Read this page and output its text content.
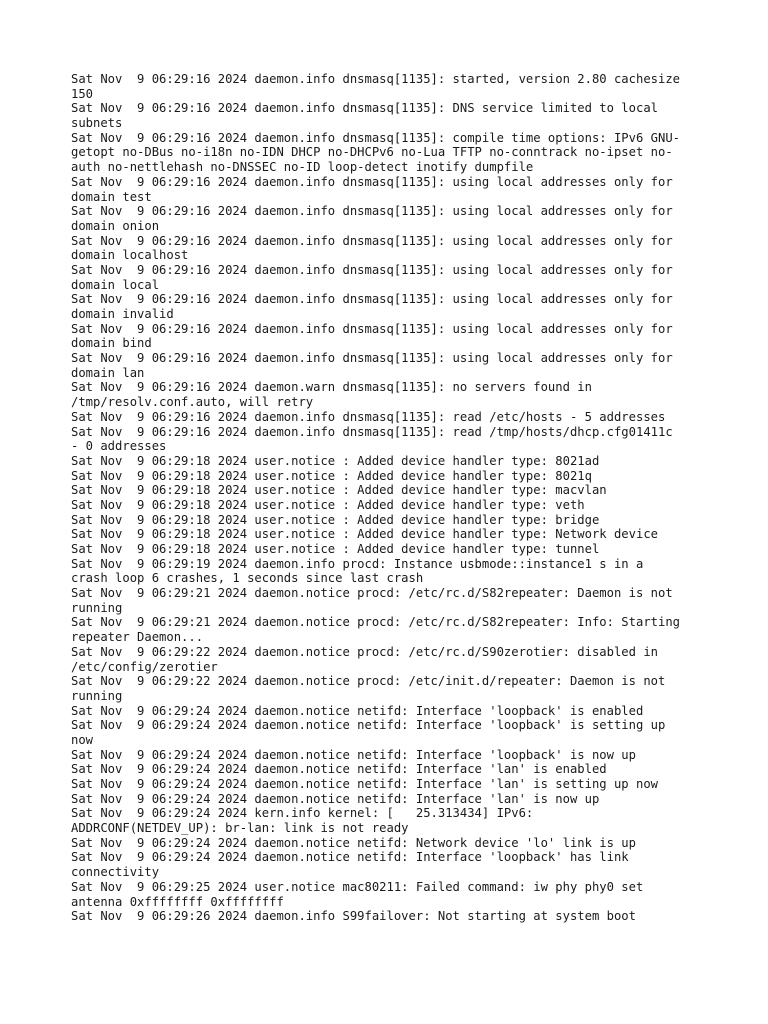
Sat Nov  9 06:29:16 2024 daemon.info dnsmasq[1135]: started, version 2.80 cachesize
150
Sat Nov  9 06:29:16 2024 daemon.info dnsmasq[1135]: DNS service limited to local
subnets
Sat Nov  9 06:29:16 2024 daemon.info dnsmasq[1135]: compile time options: IPv6 GNU-
getopt no-DBus no-i18n no-IDN DHCP no-DHCPv6 no-Lua TFTP no-conntrack no-ipset no-
auth no-nettlehash no-DNSSEC no-ID loop-detect inotify dumpfile
Sat Nov  9 06:29:16 2024 daemon.info dnsmasq[1135]: using local addresses only for
domain test
Sat Nov  9 06:29:16 2024 daemon.info dnsmasq[1135]: using local addresses only for
domain onion
Sat Nov  9 06:29:16 2024 daemon.info dnsmasq[1135]: using local addresses only for
domain localhost
Sat Nov  9 06:29:16 2024 daemon.info dnsmasq[1135]: using local addresses only for
domain local
Sat Nov  9 06:29:16 2024 daemon.info dnsmasq[1135]: using local addresses only for
domain invalid
Sat Nov  9 06:29:16 2024 daemon.info dnsmasq[1135]: using local addresses only for
domain bind
Sat Nov  9 06:29:16 2024 daemon.info dnsmasq[1135]: using local addresses only for
domain lan
Sat Nov  9 06:29:16 2024 daemon.warn dnsmasq[1135]: no servers found in
/tmp/resolv.conf.auto, will retry
Sat Nov  9 06:29:16 2024 daemon.info dnsmasq[1135]: read /etc/hosts - 5 addresses
Sat Nov  9 06:29:16 2024 daemon.info dnsmasq[1135]: read /tmp/hosts/dhcp.cfg01411c
- 0 addresses
Sat Nov  9 06:29:18 2024 user.notice : Added device handler type: 8021ad
Sat Nov  9 06:29:18 2024 user.notice : Added device handler type: 8021q
Sat Nov  9 06:29:18 2024 user.notice : Added device handler type: macvlan
Sat Nov  9 06:29:18 2024 user.notice : Added device handler type: veth
Sat Nov  9 06:29:18 2024 user.notice : Added device handler type: bridge
Sat Nov  9 06:29:18 2024 user.notice : Added device handler type: Network device
Sat Nov  9 06:29:18 2024 user.notice : Added device handler type: tunnel
Sat Nov  9 06:29:19 2024 daemon.info procd: Instance usbmode::instance1 s in a
crash loop 6 crashes, 1 seconds since last crash
Sat Nov  9 06:29:21 2024 daemon.notice procd: /etc/rc.d/S82repeater: Daemon is not
running
Sat Nov  9 06:29:21 2024 daemon.notice procd: /etc/rc.d/S82repeater: Info: Starting
repeater Daemon...
Sat Nov  9 06:29:22 2024 daemon.notice procd: /etc/rc.d/S90zerotier: disabled in
/etc/config/zerotier
Sat Nov  9 06:29:22 2024 daemon.notice procd: /etc/init.d/repeater: Daemon is not
running
Sat Nov  9 06:29:24 2024 daemon.notice netifd: Interface 'loopback' is enabled
Sat Nov  9 06:29:24 2024 daemon.notice netifd: Interface 'loopback' is setting up
now
Sat Nov  9 06:29:24 2024 daemon.notice netifd: Interface 'loopback' is now up
Sat Nov  9 06:29:24 2024 daemon.notice netifd: Interface 'lan' is enabled
Sat Nov  9 06:29:24 2024 daemon.notice netifd: Interface 'lan' is setting up now
Sat Nov  9 06:29:24 2024 daemon.notice netifd: Interface 'lan' is now up
Sat Nov  9 06:29:24 2024 kern.info kernel: [   25.313434] IPv6:
ADDRCONF(NETDEV_UP): br-lan: link is not ready
Sat Nov  9 06:29:24 2024 daemon.notice netifd: Network device 'lo' link is up
Sat Nov  9 06:29:24 2024 daemon.notice netifd: Interface 'loopback' has link
connectivity
Sat Nov  9 06:29:25 2024 user.notice mac80211: Failed command: iw phy phy0 set
antenna 0xffffffff 0xffffffff
Sat Nov  9 06:29:26 2024 daemon.info S99failover: Not starting at system boot
